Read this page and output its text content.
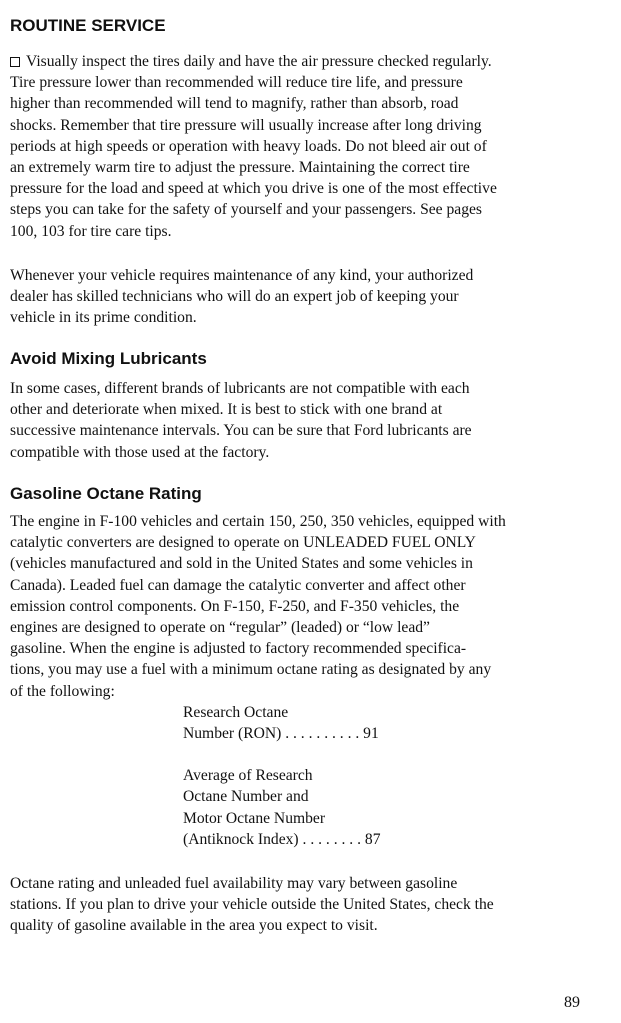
ROUTINE SERVICE
Visually inspect the tires daily and have the air pressure checked regularly.
Tire pressure lower than recommended will reduce tire life, and pressure
higher than recommended will tend to magnify, rather than absorb, road
shocks. Remember that tire pressure will usually increase after long driving
periods at high speeds or operation with heavy loads. Do not bleed air out of
an extremely warm tire to adjust the pressure. Maintaining the correct tire
pressure for the load and speed at which you drive is one of the most effective
steps you can take for the safety of yourself and your passengers. See pages
100, 103 for tire care tips.
Whenever your vehicle requires maintenance of any kind, your authorized
dealer has skilled technicians who will do an expert job of keeping your
vehicle in its prime condition.
Avoid Mixing Lubricants
In some cases, different brands of lubricants are not compatible with each
other and deteriorate when mixed. It is best to stick with one brand at
successive maintenance intervals. You can be sure that Ford lubricants are
compatible with those used at the factory.
Gasoline Octane Rating
The engine in F-100 vehicles and certain 150, 250, 350 vehicles, equipped with
catalytic converters are designed to operate on UNLEADED FUEL ONLY
(vehicles manufactured and sold in the United States and some vehicles in
Canada). Leaded fuel can damage the catalytic converter and affect other
emission control components. On F-150, F-250, and F-350 vehicles, the
engines are designed to operate on “regular” (leaded) or “low lead”
gasoline. When the engine is adjusted to factory recommended specifica-
tions, you may use a fuel with a minimum octane rating as designated by any
of the following:
Research Octane
Number (RON) . . . . . . . . . . 91
Average of Research
Octane Number and
Motor Octane Number
(Antiknock Index) . . . . . . . . 87
Octane rating and unleaded fuel availability may vary between gasoline
stations. If you plan to drive your vehicle outside the United States, check the
quality of gasoline available in the area you expect to visit.
89
